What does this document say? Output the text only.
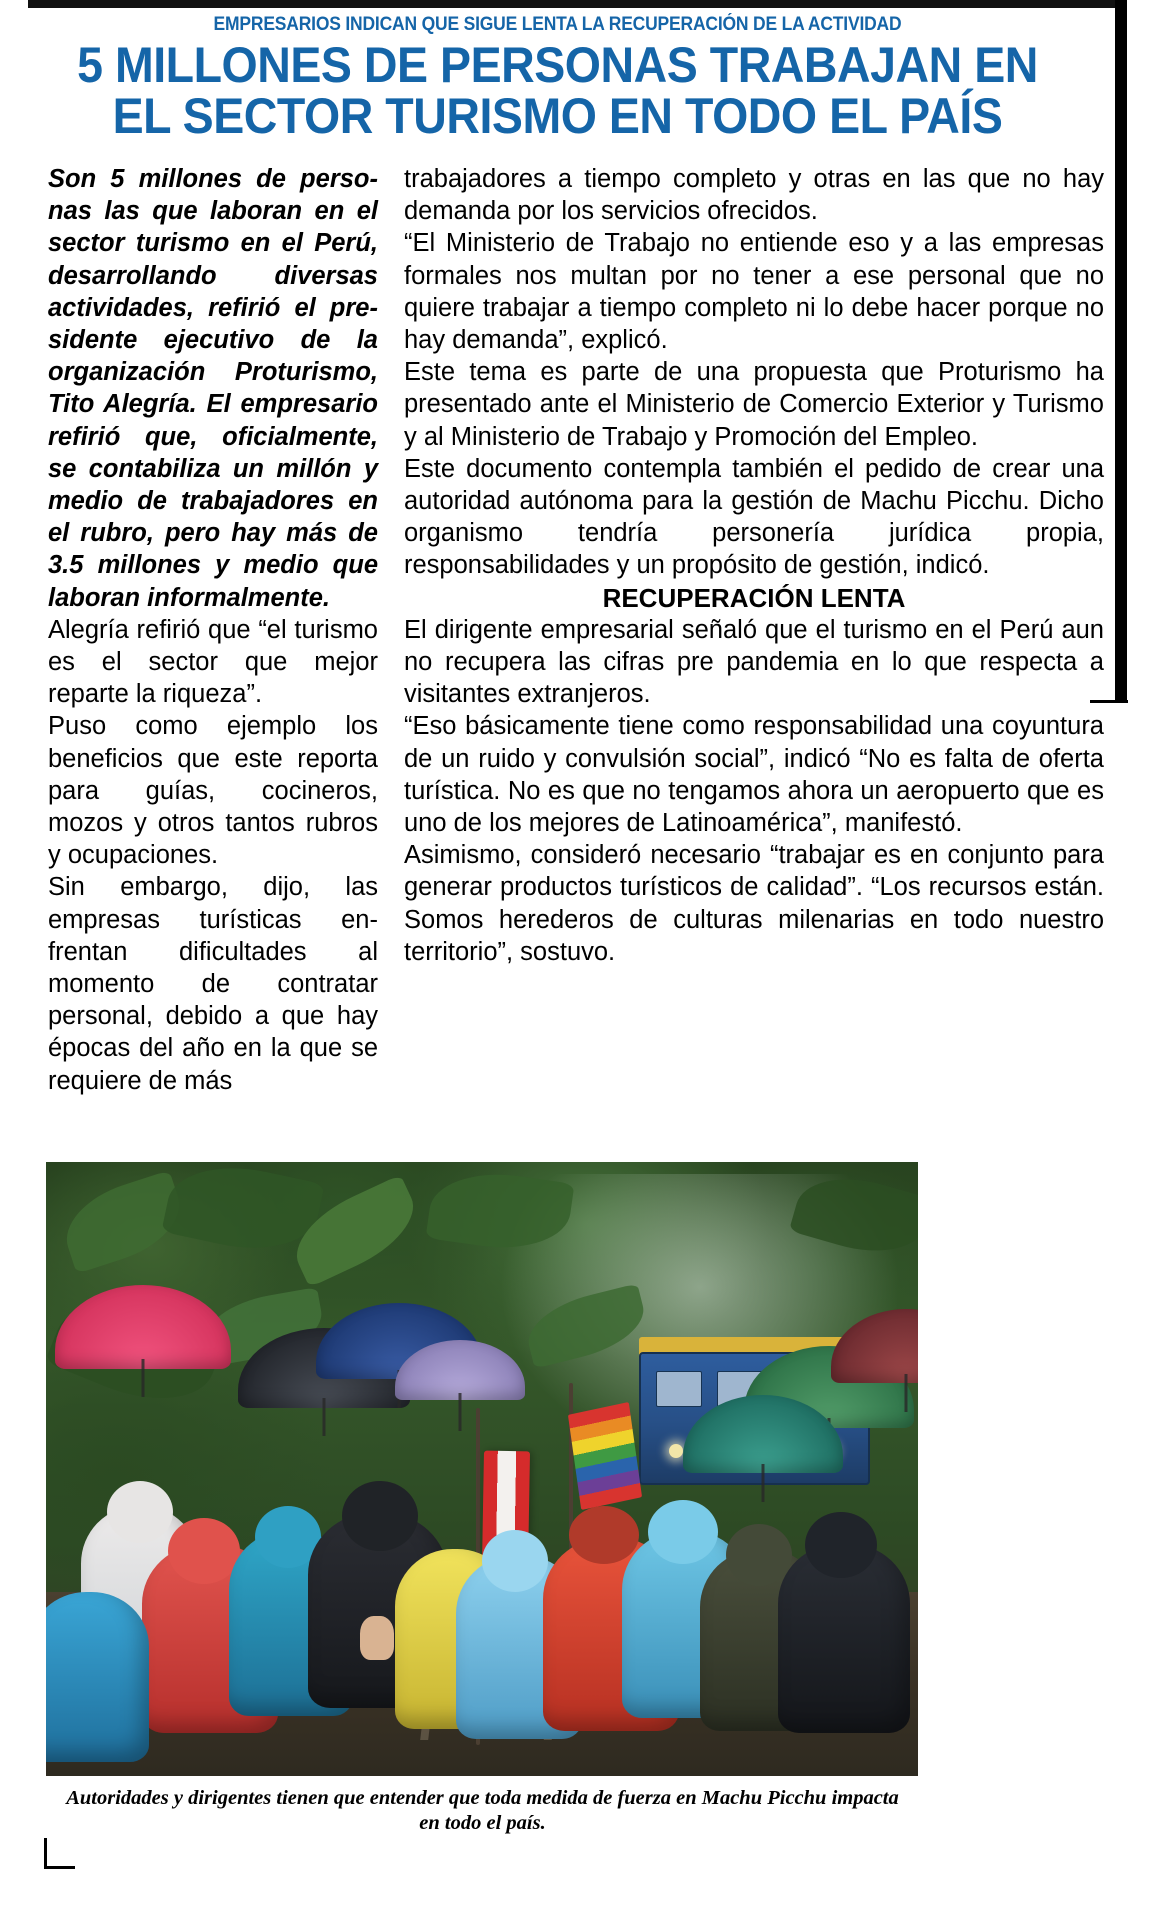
EMPRESARIOS INDICAN QUE SIGUE LENTA LA RECUPERACIÓN DE LA ACTIVIDAD
5 MILLONES DE PERSONAS TRABAJAN EN
EL SECTOR TURISMO EN TODO EL PAÍS

Son 5 millones de personas las que laboran en el sector turismo en el Perú, desarrollando diversas actividades, refirió el presidente ejecutivo de la organización Proturismo, Tito Alegría. El empresario refirió que, oficialmente, se contabiliza un millón y medio de trabajadores en el rubro, pero hay más de 3.5 millones y medio que laboran informalmente.

Alegría refirió que “el turismo es el sector que mejor reparte la riqueza”.

Puso como ejemplo los beneficios que este reporta para guías, cocineros, mozos y otros tantos rubros y ocupaciones.

Sin embargo, dijo, las empresas turísticas enfrentan dificultades al momento de contratar personal, debido a que hay épocas del año en la que se requiere de más

trabajadores a tiempo completo y otras en las que no hay demanda por los servicios ofrecidos.

“El Ministerio de Trabajo no entiende eso y a las empresas formales nos multan por no tener a ese personal que no quiere trabajar a tiempo completo ni lo debe hacer porque no hay demanda”, explicó.

Este tema es parte de una propuesta que Proturismo ha presentado ante el Ministerio de Comercio Exterior y Turismo y al Ministerio de Trabajo y Promoción del Empleo.

Este documento contempla también el pedido de crear una autoridad autónoma para la gestión de Machu Picchu. Dicho organismo tendría personería jurídica propia, responsabilidades y un propósito de gestión, indicó.

RECUPERACIÓN LENTA

El dirigente empresarial señaló que el turismo en el Perú aun no recupera las cifras pre pandemia en lo que respecta a visitantes extranjeros.

“Eso básicamente tiene como responsabilidad una coyuntura de un ruido y convulsión social”, indicó “No es falta de oferta turística. No es que no tengamos ahora un aeropuerto que es uno de los mejores de Latinoamérica”, manifestó.

Asimismo, consideró necesario “trabajar es en conjunto para generar productos turísticos de calidad”. “Los recursos están. Somos herederos de culturas milenarias en todo nuestro territorio”, sostuvo.

Autoridades y dirigentes tienen que entender que toda medida de fuerza en Machu Picchu impacta en todo el país.
